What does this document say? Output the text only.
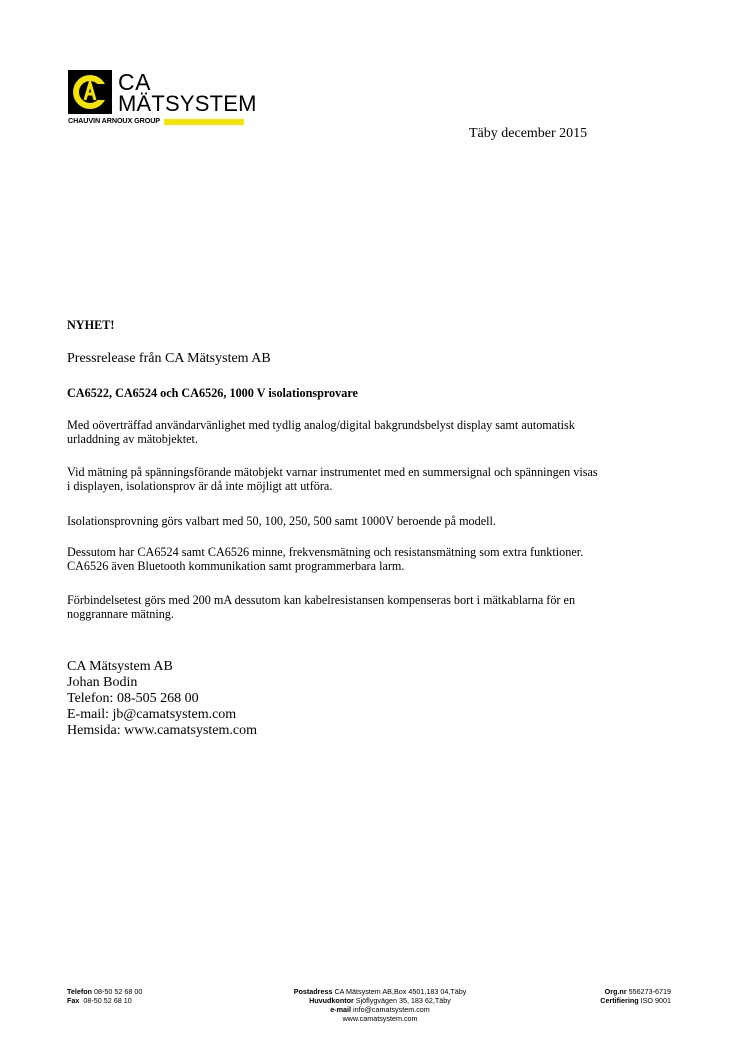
CA
MÄTSYSTEM
CHAUVIN ARNOUX GROUP
Täby december 2015
NYHET!
Pressrelease från CA Mätsystem AB
CA6522, CA6524 och CA6526, 1000 V isolationsprovare
Med oöverträffad användarvänlighet med tydlig analog/digital bakgrundsbelyst display samt automatisk
urladdning av mätobjektet.
Vid mätning på spänningsförande mätobjekt varnar instrumentet med en summersignal och spänningen visas
i displayen, isolationsprov är då inte möjligt att utföra.
Isolationsprovning görs valbart med 50, 100, 250, 500 samt 1000V beroende på modell.
Dessutom har CA6524 samt CA6526 minne, frekvensmätning och resistansmätning som extra funktioner.
CA6526 även Bluetooth kommunikation samt programmerbara larm.
Förbindelsetest görs med 200 mA dessutom kan kabelresistansen kompenseras bort i mätkablarna för en
noggrannare mätning.
CA Mätsystem AB
Johan Bodin
Telefon: 08-505 268 00
E-mail: jb@camatsystem.com
Hemsida: www.camatsystem.com
Telefon 08-50 52 68 00
Fax  08-50 52 68 10
Postadress CA Mätsystem AB,Box 4501,183 04,Täby
Huvudkontor Sjöflygvägen 35, 183 62,Täby
e-mail info@camatsystem.com
www.camatsystem.com
Org.nr 556273-6719
Certifiering ISO 9001
